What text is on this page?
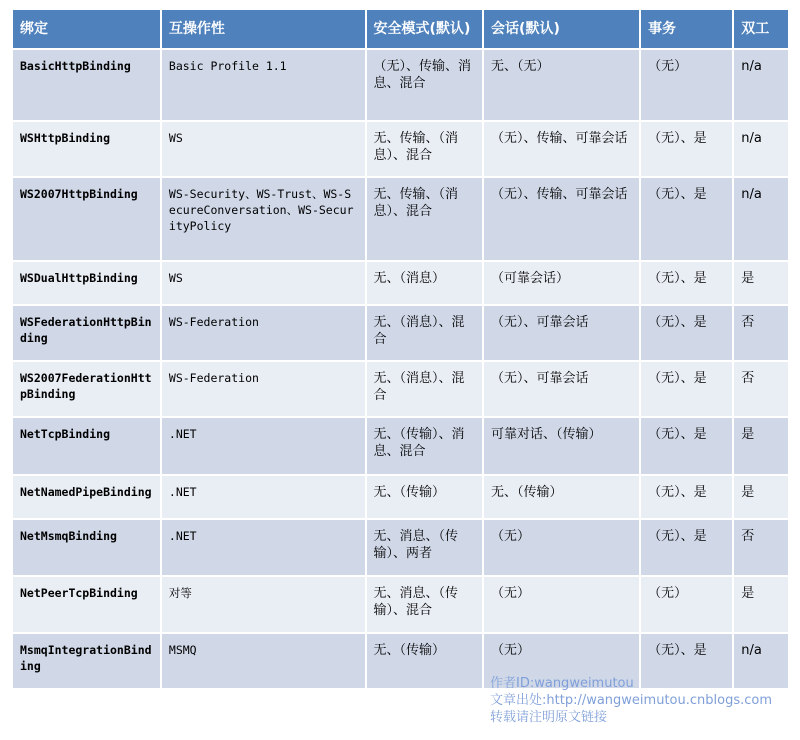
绑定	互操作性	安全模式(默认)	会话(默认)	事务	双工
BasicHttpBinding	Basic Profile 1.1	（无）、传输、消息、混合	无、（无）	（无）	n/a
WSHttpBinding	WS	无、传输、（消息）、混合	（无）、传输、可靠会话	（无）、是	n/a
WS2007HttpBinding	WS-Security、WS-Trust、WS-SecureConversation、WS-SecurityPolicy	无、传输、（消息）、混合	（无）、传输、可靠会话	（无）、是	n/a
WSDualHttpBinding	WS	无、（消息）	（可靠会话）	（无）、是	是
WSFederationHttpBinding	WS-Federation	无、（消息）、混合	（无）、可靠会话	（无）、是	否
WS2007FederationHttpBinding	WS-Federation	无、（消息）、混合	（无）、可靠会话	（无）、是	否
NetTcpBinding	.NET	无、（传输）、消息、混合	可靠对话、（传输）	（无）、是	是
NetNamedPipeBinding	.NET	无、（传输）	无、（传输）	（无）、是	是
NetMsmqBinding	.NET	无、消息、（传输）、两者	（无）	（无）、是	否
NetPeerTcpBinding	对等	无、消息、（传输）、混合	（无）	（无）	是
MsmqIntegrationBinding	MSMQ	无、（传输）	（无）	（无）、是	n/a
作者ID:wangweimutou
文章出处:http://wangweimutou.cnblogs.com
转载请注明原文链接
